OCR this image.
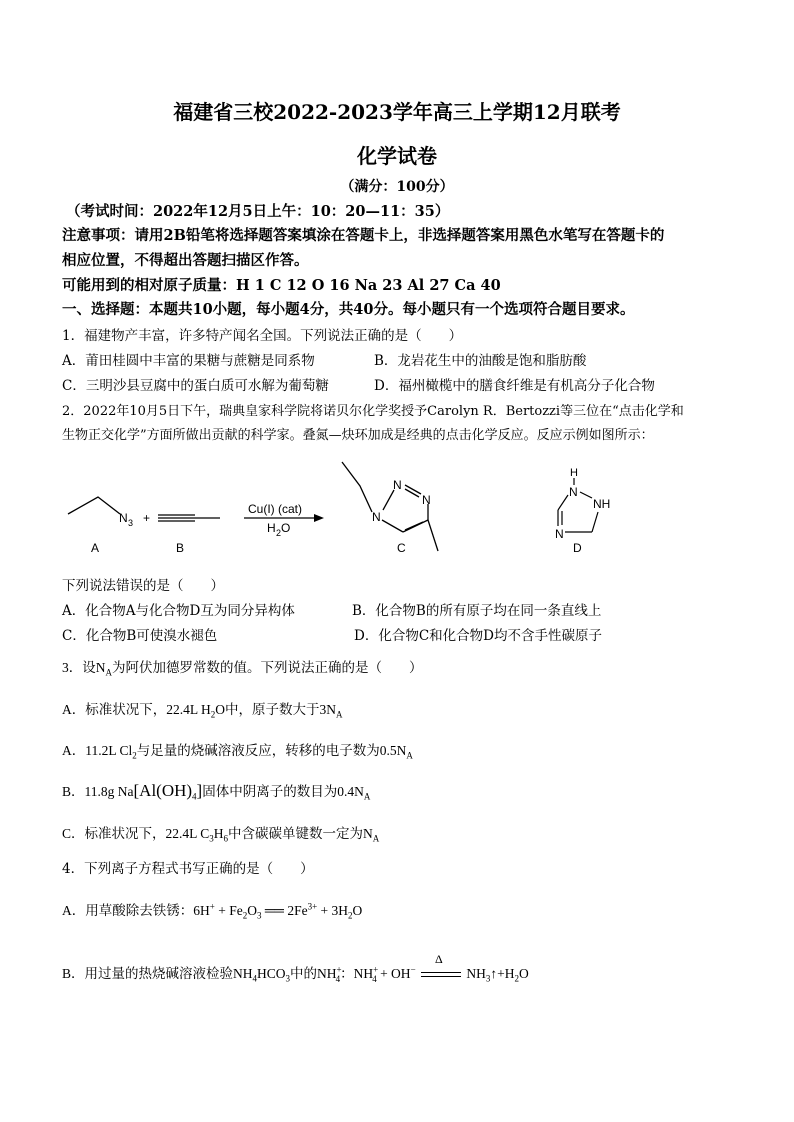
福建省三校2022-2023学年高三上学期12月联考
化学试卷
（满分：100分）
（考试时间：2022年12月5日上午：10：20—11：35）
注意事项：请用2B铅笔将选择题答案填涂在答题卡上，非选择题答案用黑色水笔写在答题卡的
相应位置，不得超出答题扫描区作答。
可能用到的相对原子质量：H 1 C 12 O 16 Na 23 Al 27 Ca 40
一、选择题：本题共10小题，每小题4分，共40分。每小题只有一个选项符合题目要求。
1．福建物产丰富，许多特产闻名全国。下列说法正确的是（　　）
A．莆田桂圆中丰富的果糖与蔗糖是同系物	B．龙岩花生中的油酸是饱和脂肪酸
C．三明沙县豆腐中的蛋白质可水解为葡萄糖	D．福州橄榄中的膳食纤维是有机高分子化合物
2．2022年10月5日下午，瑞典皇家科学院将诺贝尔化学奖授予Carolyn R．Bertozzi等三位在“点击化学和
生物正交化学”方面所做出贡献的科学家。叠氮—炔环加成是经典的点击化学反应。反应示例如图所示：
N 3
A
+
B
Cu(I) (cat)
H 2 O
N
N
N
C
H
N
NH
N
D
下列说法错误的是（　　）
A．化合物A与化合物D互为同分异构体	B．化合物B的所有原子均在同一条直线上
C．化合物B可使溴水褪色	D．化合物C和化合物D均不含手性碳原子
3．设$N_A$为阿伏加德罗常数的值。下列说法正确的是（　　）
A．标准状况下，22.4L $H_2O$中，原子数大于$3N_A$
A．11.2L $Cl_2$与足量的烧碱溶液反应，转移的电子数为$0.5N_A$
B．11.8g $Na[Al(OH)_4]$固体中阴离子的数目为$0.4N_A$
C．标准状况下，22.4L $C_3H_6$中含碳碳单键数一定为$N_A$
4．下列离子方程式书写正确的是（　　）
A．用草酸除去铁锈：$6H^+ + Fe_2O_3$ ══ $2Fe^{3+} + 3H_2O$
B．用过量的热烧碱溶液检验$NH_4HCO_3$中的$NH^+_4$：$NH^+_4 + OH^-$
Δ
$NH_3↑+H_2O$
